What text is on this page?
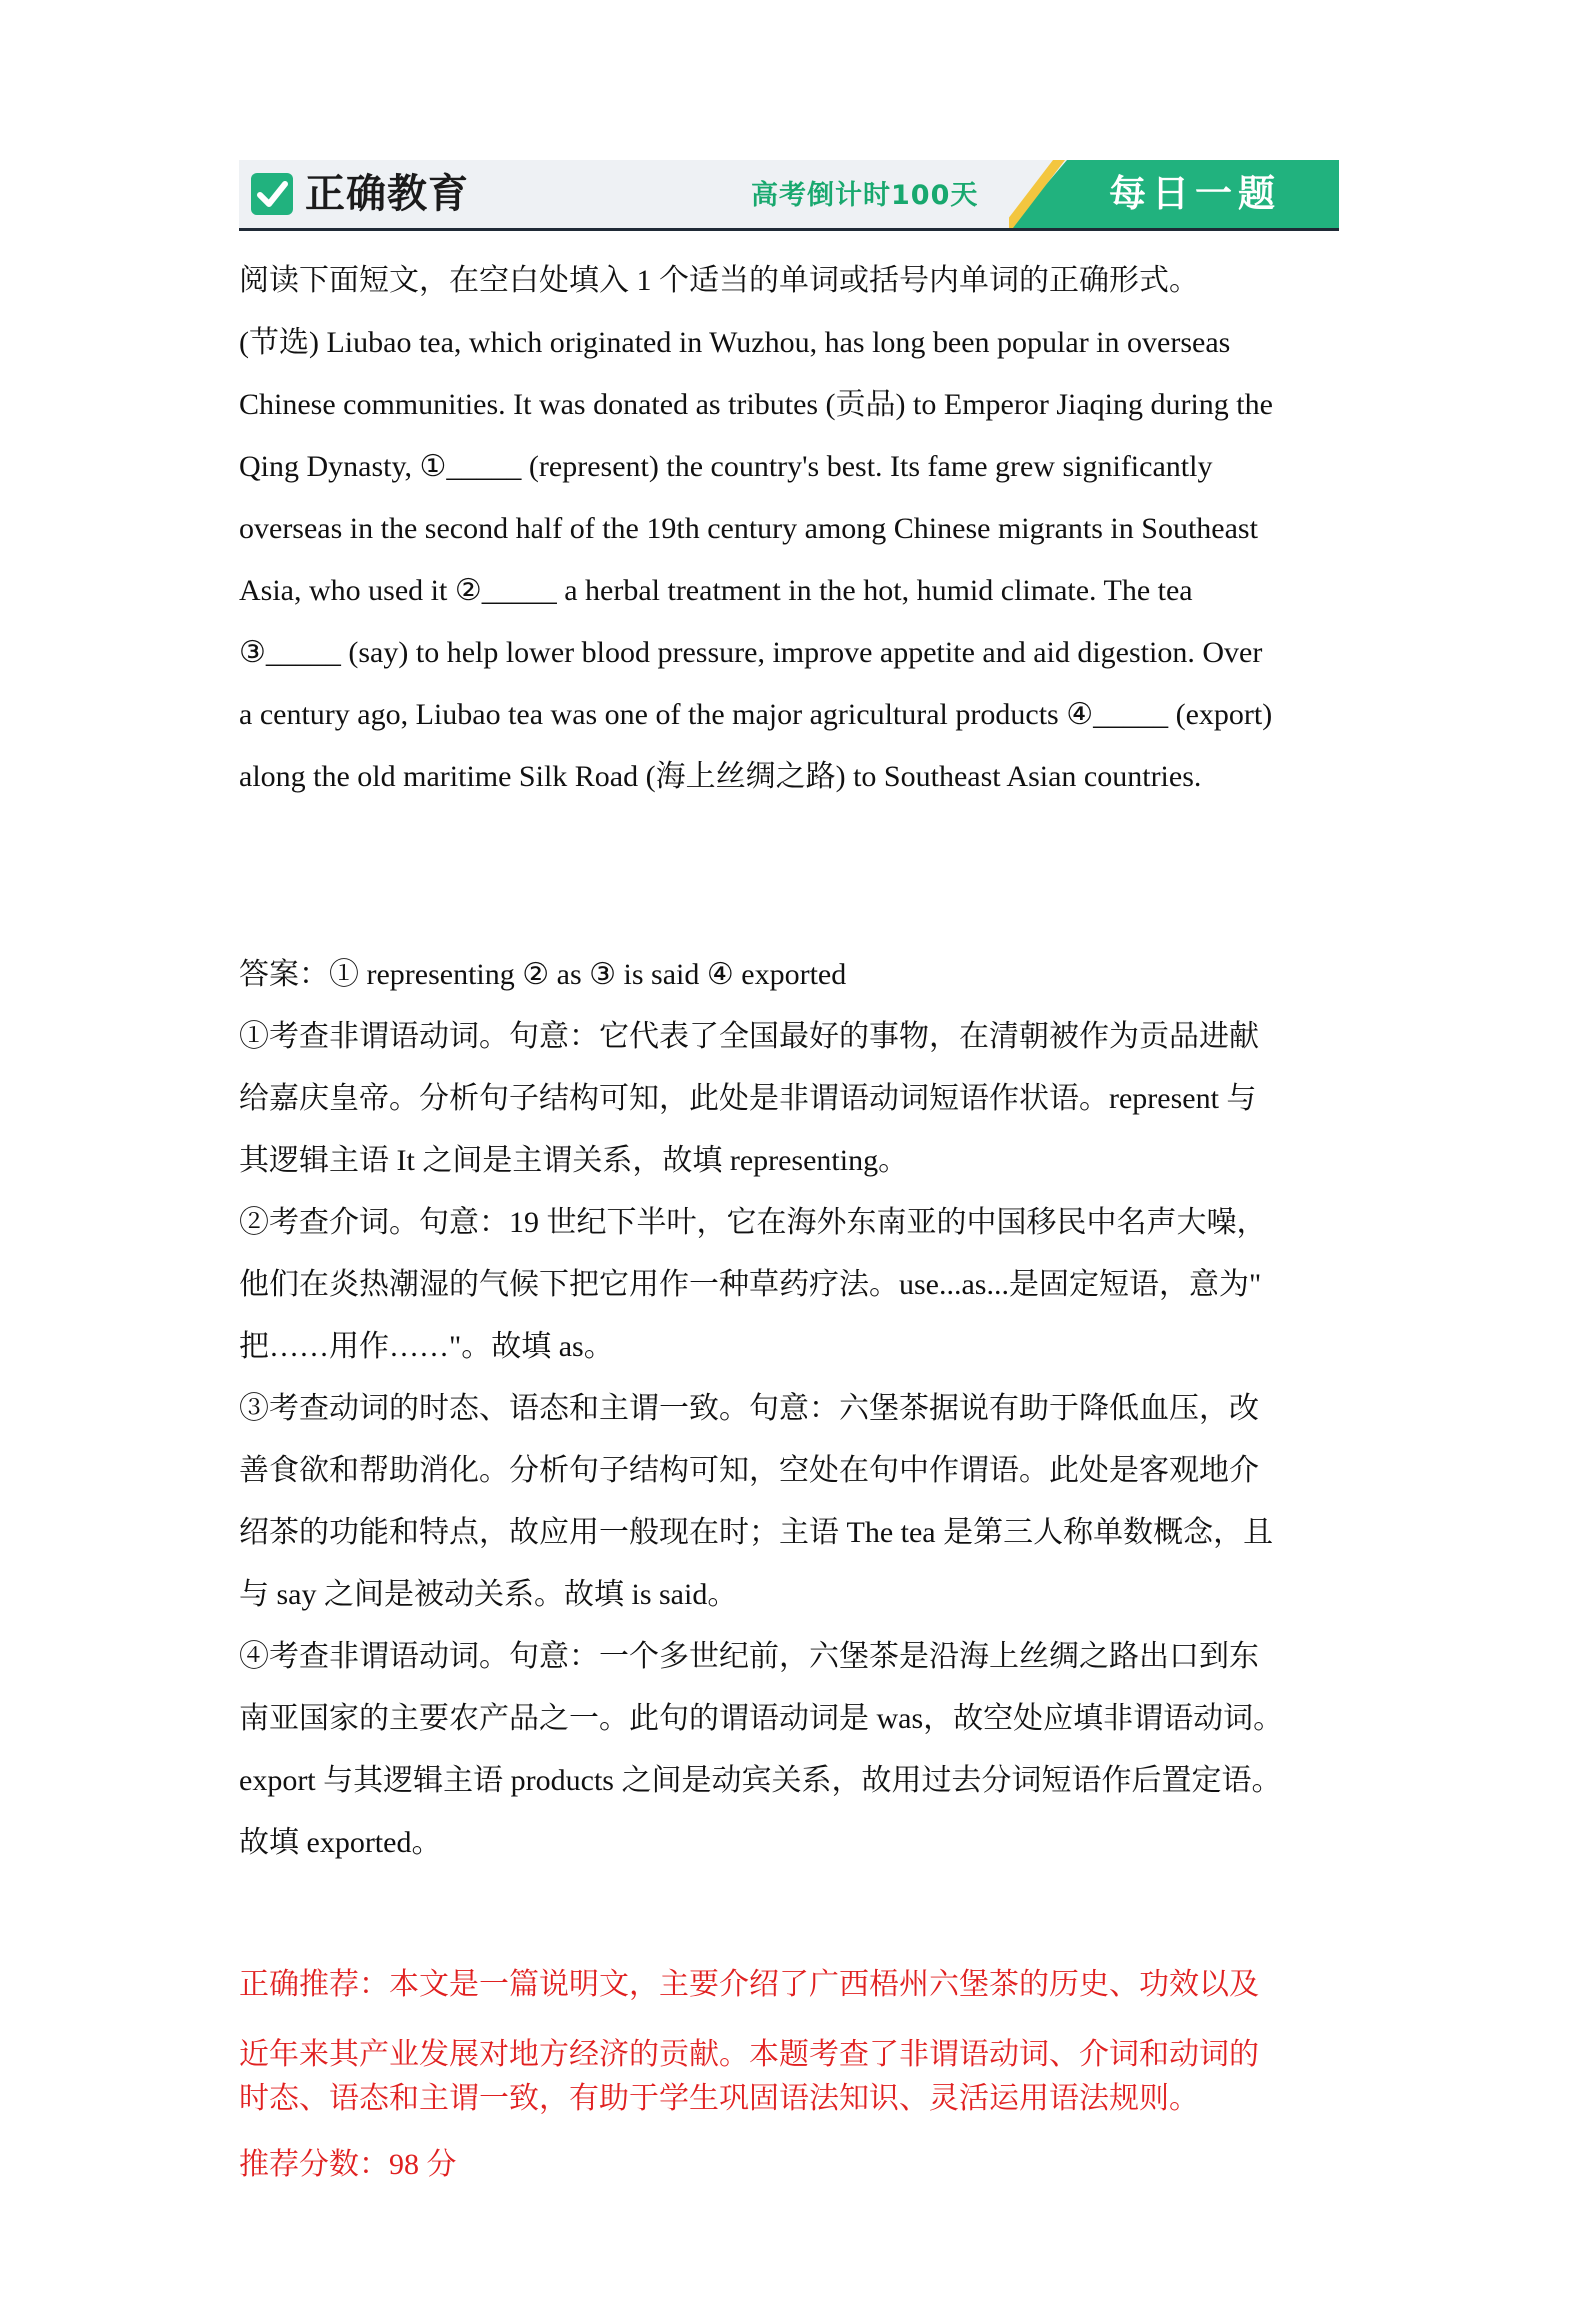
正确教育	高考倒计时100天	每日一题
阅读下面短文，在空白处填入 1 个适当的单词或括号内单词的正确形式。
(节选) Liubao tea, which originated in Wuzhou, has long been popular in overseas
Chinese communities. It was donated as tributes (贡品) to Emperor Jiaqing during the
Qing Dynasty, ①_____ (represent) the country's best. Its fame grew significantly
overseas in the second half of the 19th century among Chinese migrants in Southeast
Asia, who used it ②_____ a herbal treatment in the hot, humid climate. The tea
③_____ (say) to help lower blood pressure, improve appetite and aid digestion. Over
a century ago, Liubao tea was one of the major agricultural products ④_____ (export)
along the old maritime Silk Road (海上丝绸之路) to Southeast Asian countries.
答案：① representing ② as ③ is said ④ exported
①考查非谓语动词。句意：它代表了全国最好的事物，在清朝被作为贡品进献
给嘉庆皇帝。分析句子结构可知，此处是非谓语动词短语作状语。represent 与
其逻辑主语 It 之间是主谓关系，故填 representing。
②考查介词。句意：19 世纪下半叶，它在海外东南亚的中国移民中名声大噪，
他们在炎热潮湿的气候下把它用作一种草药疗法。use...as...是固定短语，意为"
把……用作……"。故填 as。
③考查动词的时态、语态和主谓一致。句意：六堡茶据说有助于降低血压，改
善食欲和帮助消化。分析句子结构可知，空处在句中作谓语。此处是客观地介
绍茶的功能和特点，故应用一般现在时；主语 The tea 是第三人称单数概念，且
与 say 之间是被动关系。故填 is said。
④考查非谓语动词。句意：一个多世纪前，六堡茶是沿海上丝绸之路出口到东
南亚国家的主要农产品之一。此句的谓语动词是 was，故空处应填非谓语动词。
export 与其逻辑主语 products 之间是动宾关系，故用过去分词短语作后置定语。
故填 exported。
正确推荐：本文是一篇说明文，主要介绍了广西梧州六堡茶的历史、功效以及
近年来其产业发展对地方经济的贡献。本题考查了非谓语动词、介词和动词的
时态、语态和主谓一致，有助于学生巩固语法知识、灵活运用语法规则。
推荐分数：98 分
